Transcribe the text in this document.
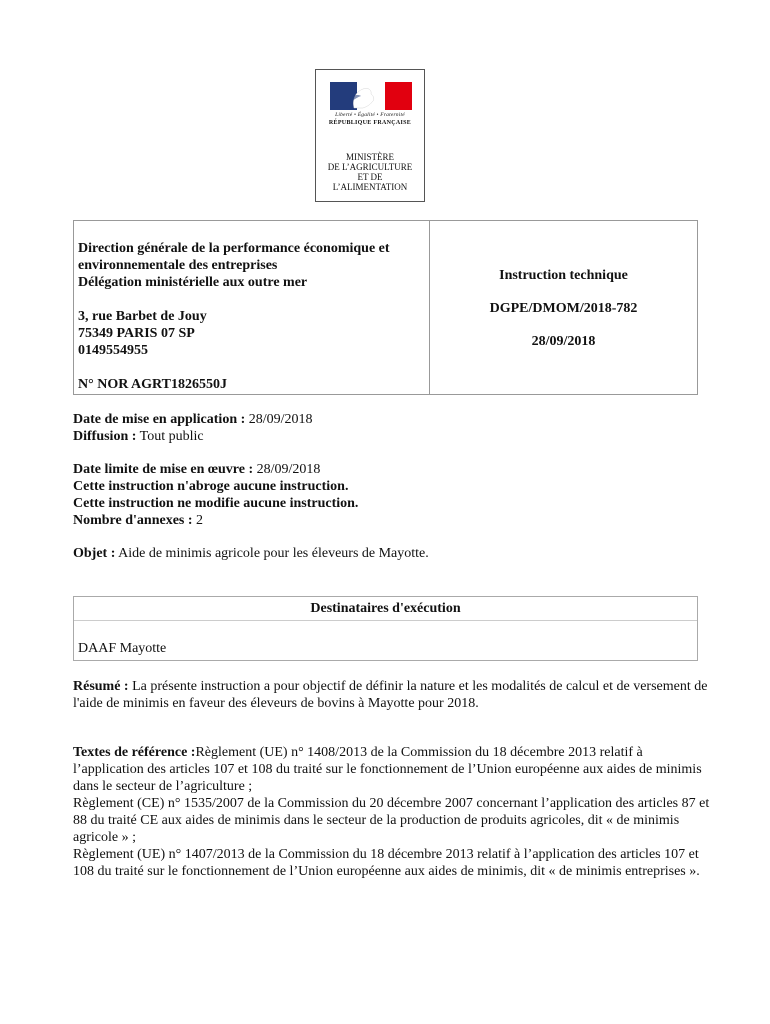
Liberté • Égalité • Fraternité
RÉPUBLIQUE FRANÇAISE
MINISTÈRE
DE L’AGRICULTURE
ET DE
L’ALIMENTATION

Direction générale de la performance économique et environnementale des entreprises

Délégation ministérielle aux outre mer

3, rue Barbet de Jouy

75349 PARIS 07 SP

0149554955

N° NOR AGRT1826550J

Instruction technique
DGPE/DMOM/2018-782
28/09/2018

Date de mise en application : 28/09/2018

Diffusion : Tout public

Date limite de mise en œuvre : 28/09/2018

Cette instruction n'abroge aucune instruction.

Cette instruction ne modifie aucune instruction.

Nombre d'annexes : 2

Objet : Aide de minimis agricole pour les éleveurs de Mayotte.

Destinataires d'exécution
DAAF Mayotte

Résumé : La présente instruction a pour objectif de définir la nature et les modalités de calcul et de versement de l'aide de minimis en faveur des éleveurs de bovins à Mayotte pour 2018.

Textes de référence :Règlement (UE) n° 1408/2013 de la Commission du 18 décembre 2013 relatif à l’application des articles 107 et 108 du traité sur le fonctionnement de l’Union européenne aux aides de minimis dans le secteur de l’agriculture ;

Règlement (CE) n° 1535/2007 de la Commission du 20 décembre 2007 concernant l’application des articles 87 et 88 du traité CE aux aides de minimis dans le secteur de la production de produits agricoles, dit « de minimis agricole » ;

Règlement (UE) n° 1407/2013 de la Commission du 18 décembre 2013 relatif à l’application des articles 107 et 108 du traité sur le fonctionnement de l’Union européenne aux aides de minimis, dit « de minimis entreprises ».
